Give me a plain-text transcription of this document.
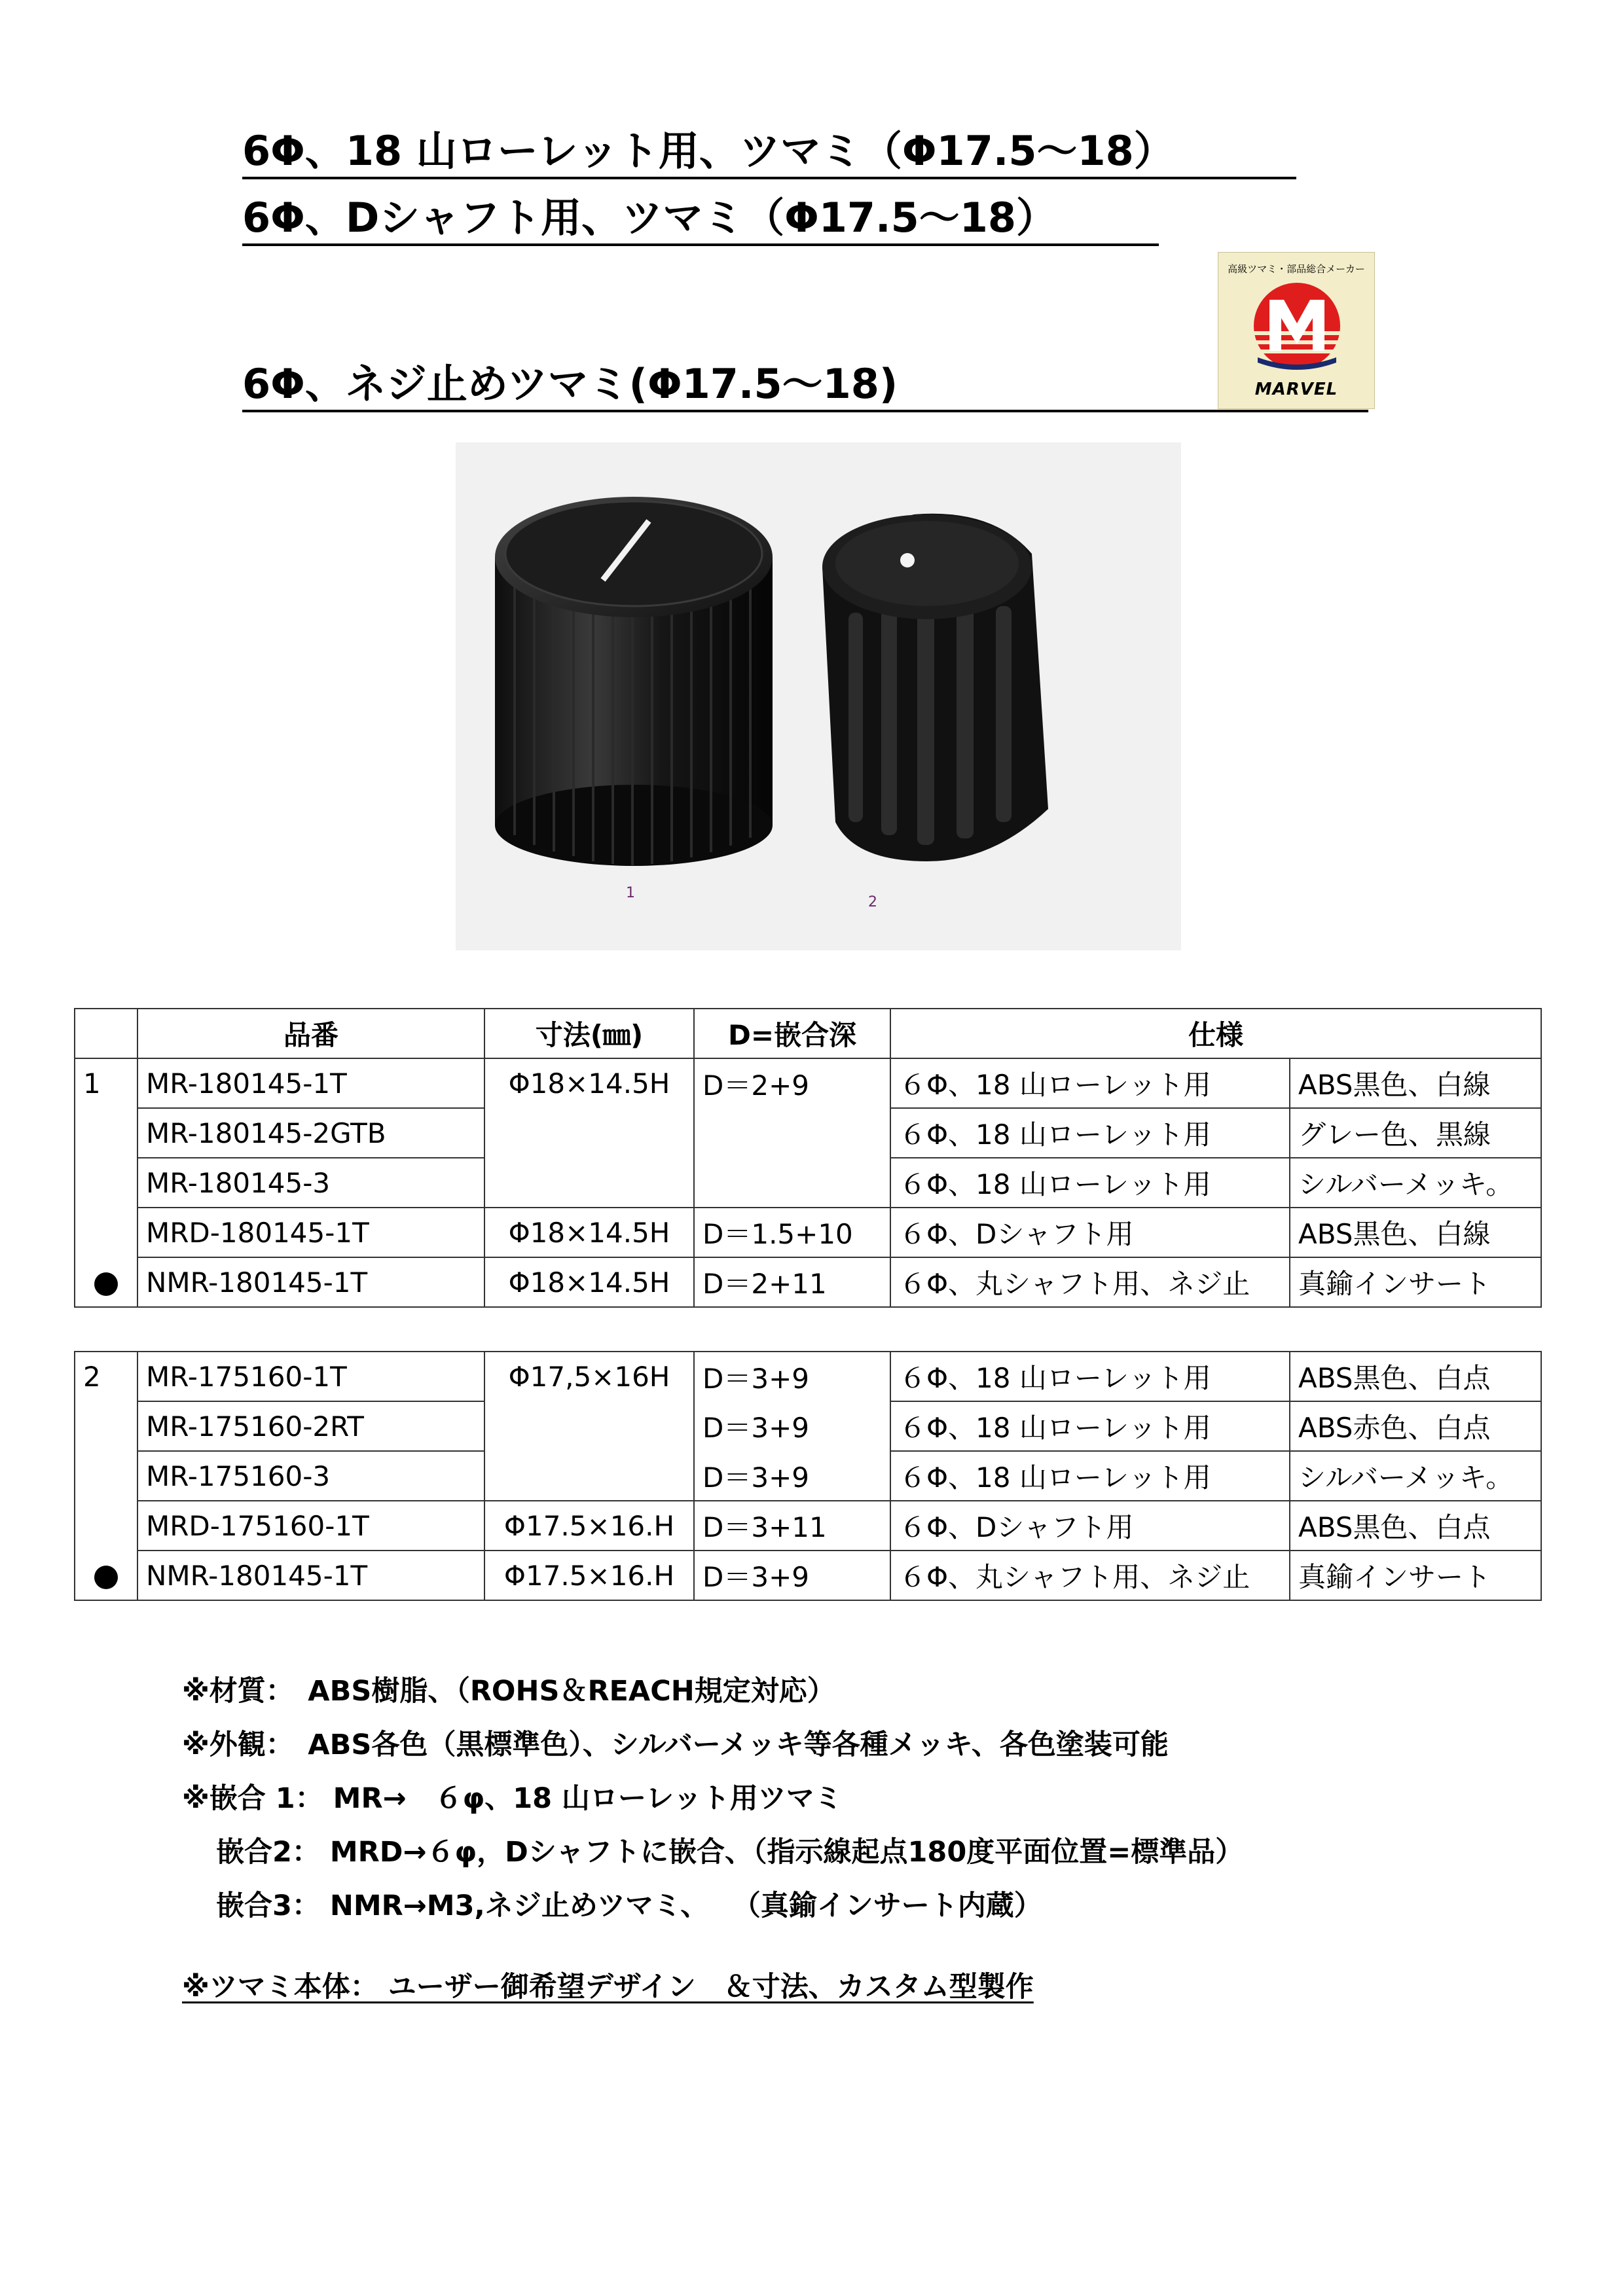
6Φ、18 山ローレット用、ツマミ（Φ17.5～18）
6Φ、Dシャフト用、ツマミ（Φ17.5～18）
6Φ、ネジ止めツマミ(Φ17.5～18)
高級ツマミ・部品総合メーカー
MARVEL
1
2
	品番	寸法(㎜)	D=嵌合深	仕様	
1	MR-180145-1T	Φ18×14.5H	D＝2+9	６Φ、18 山ローレット用	ABS黒色、白線
	MR-180145-2GTB			６Φ、18 山ローレット用	グレー色、黒線
	MR-180145-3			６Φ、18 山ローレット用	シルバーメッキ。
	MRD-180145-1T	Φ18×14.5H	D＝1.5+10	６Φ、Dシャフト用	ABS黒色、白線
	NMR-180145-1T	Φ18×14.5H	D＝2+11	６Φ、丸シャフト用、ネジ止	真鍮インサート
2	MR-175160-1T	Φ17,5×16H	D＝3+9	６Φ、18 山ローレット用	ABS黒色、白点
	MR-175160-2RT		D＝3+9	６Φ、18 山ローレット用	ABS赤色、白点
	MR-175160-3		D＝3+9	６Φ、18 山ローレット用	シルバーメッキ。
	MRD-175160-1T	Φ17.5×16.H	D＝3+11	６Φ、Dシャフト用	ABS黒色、白点
	NMR-180145-1T	Φ17.5×16.H	D＝3+9	６Φ、丸シャフト用、ネジ止	真鍮インサート
※材質：　ABS樹脂、（ROHS＆REACH規定対応）
※外観：　ABS各色（黒標準色）、シルバーメッキ等各種メッキ、各色塗装可能
※嵌合 1： MR→　６φ、18 山ローレット用ツマミ
嵌合2： MRD→６φ，Dシャフトに嵌合、（指示線起点180度平面位置=標準品）
嵌合3： NMR→M3,ネジ止めツマミ、　 （真鍮インサート内蔵）
※ツマミ本体： ユーザー御希望デザイン　＆寸法、カスタム型製作
